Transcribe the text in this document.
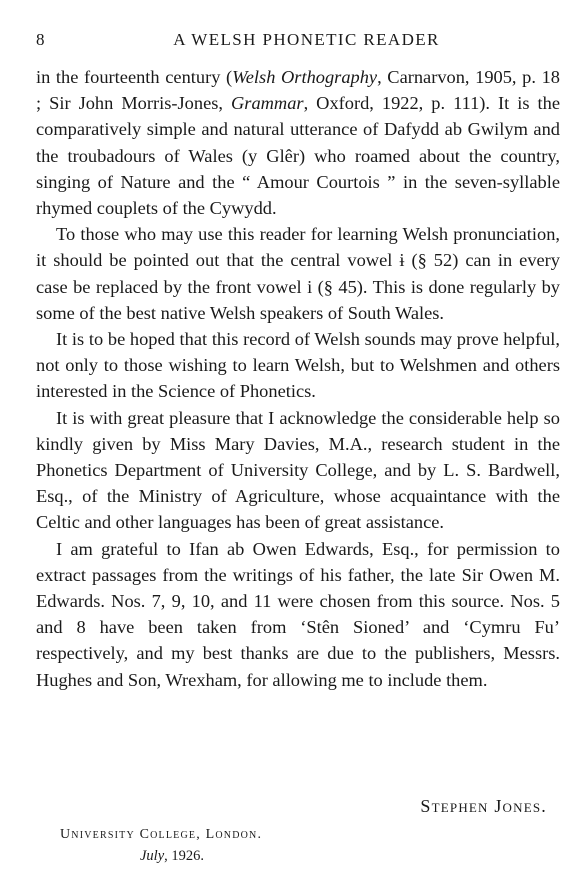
8	A WELSH PHONETIC READER

in the fourteenth century (Welsh Orthography, Carnarvon, 1905, p. 18 ; Sir John Morris-Jones, Grammar, Oxford, 1922, p. 111). It is the comparatively simple and natural utterance of Dafydd ab Gwilym and the troubadours of Wales (y Glêr) who roamed about the country, singing of Nature and the “ Amour Courtois ” in the seven-syllable rhymed couplets of the Cywydd.

To those who may use this reader for learning Welsh pronunciation, it should be pointed out that the central vowel ɨ (§ 52) can in every case be replaced by the front vowel i (§ 45). This is done regularly by some of the best native Welsh speakers of South Wales.

It is to be hoped that this record of Welsh sounds may prove helpful, not only to those wishing to learn Welsh, but to Welshmen and others interested in the Science of Phonetics.

It is with great pleasure that I acknowledge the considerable help so kindly given by Miss Mary Davies, M.A., research student in the Phonetics Department of University College, and by L. S. Bardwell, Esq., of the Ministry of Agriculture, whose acquaintance with the Celtic and other languages has been of great assistance.

I am grateful to Ifan ab Owen Edwards, Esq., for permission to extract passages from the writings of his father, the late Sir Owen M. Edwards. Nos. 7, 9, 10, and 11 were chosen from this source. Nos. 5 and 8 have been taken from ‘Stên Sioned’ and ‘Cymru Fu’ respectively, and my best thanks are due to the publishers, Messrs. Hughes and Son, Wrexham, for allowing me to include them.

Stephen Jones.
University College, London.
July, 1926.
